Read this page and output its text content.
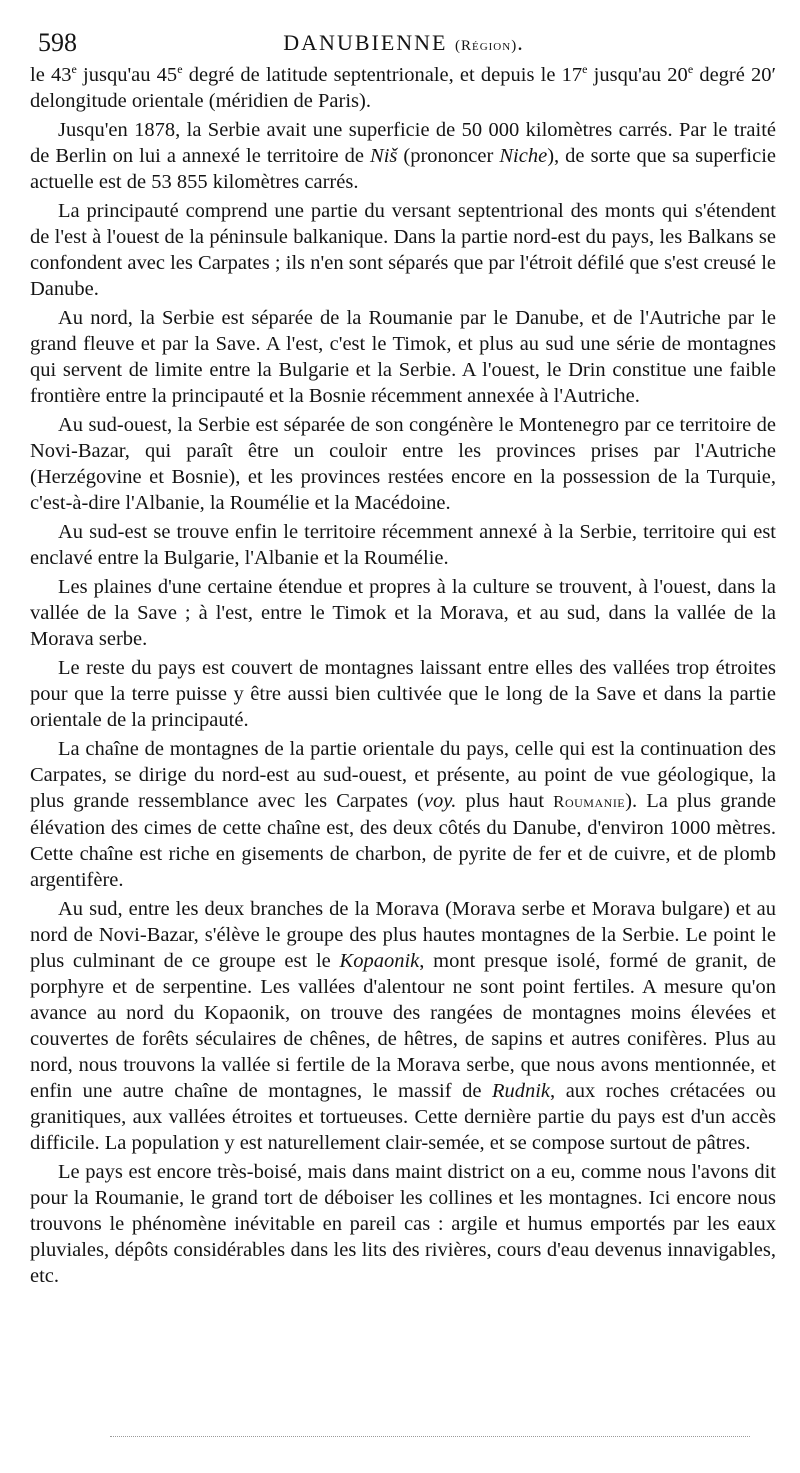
598	DANUBIENNE (Région).

le 43e jusqu'au 45e degré de latitude septentrionale, et depuis le 17e jusqu'au 20e degré 20′ delongitude orientale (méridien de Paris).

Jusqu'en 1878, la Serbie avait une superficie de 50 000 kilomètres carrés. Par le traité de Berlin on lui a annexé le territoire de Niš (prononcer Niche), de sorte que sa superficie actuelle est de 53 855 kilomètres carrés.

La principauté comprend une partie du versant septentrional des monts qui s'étendent de l'est à l'ouest de la péninsule balkanique. Dans la partie nord-est du pays, les Balkans se confondent avec les Carpates ; ils n'en sont séparés que par l'étroit défilé que s'est creusé le Danube.

Au nord, la Serbie est séparée de la Roumanie par le Danube, et de l'Autriche par le grand fleuve et par la Save. A l'est, c'est le Timok, et plus au sud une série de montagnes qui servent de limite entre la Bulgarie et la Serbie. A l'ouest, le Drin constitue une faible frontière entre la principauté et la Bosnie récemment annexée à l'Autriche.

Au sud-ouest, la Serbie est séparée de son congénère le Montenegro par ce territoire de Novi-Bazar, qui paraît être un couloir entre les provinces prises par l'Autriche (Herzégovine et Bosnie), et les provinces restées encore en la possession de la Turquie, c'est-à-dire l'Albanie, la Roumélie et la Macédoine.

Au sud-est se trouve enfin le territoire récemment annexé à la Serbie, territoire qui est enclavé entre la Bulgarie, l'Albanie et la Roumélie.

Les plaines d'une certaine étendue et propres à la culture se trouvent, à l'ouest, dans la vallée de la Save ; à l'est, entre le Timok et la Morava, et au sud, dans la vallée de la Morava serbe.

Le reste du pays est couvert de montagnes laissant entre elles des vallées trop étroites pour que la terre puisse y être aussi bien cultivée que le long de la Save et dans la partie orientale de la principauté.

La chaîne de montagnes de la partie orientale du pays, celle qui est la continuation des Carpates, se dirige du nord-est au sud-ouest, et présente, au point de vue géologique, la plus grande ressemblance avec les Carpates (voy. plus haut Roumanie). La plus grande élévation des cimes de cette chaîne est, des deux côtés du Danube, d'environ 1000 mètres. Cette chaîne est riche en gisements de charbon, de pyrite de fer et de cuivre, et de plomb argentifère.

Au sud, entre les deux branches de la Morava (Morava serbe et Morava bulgare) et au nord de Novi-Bazar, s'élève le groupe des plus hautes montagnes de la Serbie. Le point le plus culminant de ce groupe est le Kopaonik, mont presque isolé, formé de granit, de porphyre et de serpentine. Les vallées d'alentour ne sont point fertiles. A mesure qu'on avance au nord du Kopaonik, on trouve des rangées de montagnes moins élevées et couvertes de forêts séculaires de chênes, de hêtres, de sapins et autres conifères. Plus au nord, nous trouvons la vallée si fertile de la Morava serbe, que nous avons mentionnée, et enfin une autre chaîne de montagnes, le massif de Rudnik, aux roches crétacées ou granitiques, aux vallées étroites et tortueuses. Cette dernière partie du pays est d'un accès difficile. La population y est naturellement clair-semée, et se compose surtout de pâtres.

Le pays est encore très-boisé, mais dans maint district on a eu, comme nous l'avons dit pour la Roumanie, le grand tort de déboiser les collines et les montagnes. Ici encore nous trouvons le phénomène inévitable en pareil cas : argile et humus emportés par les eaux pluviales, dépôts considérables dans les lits des rivières, cours d'eau devenus innavigables, etc.
